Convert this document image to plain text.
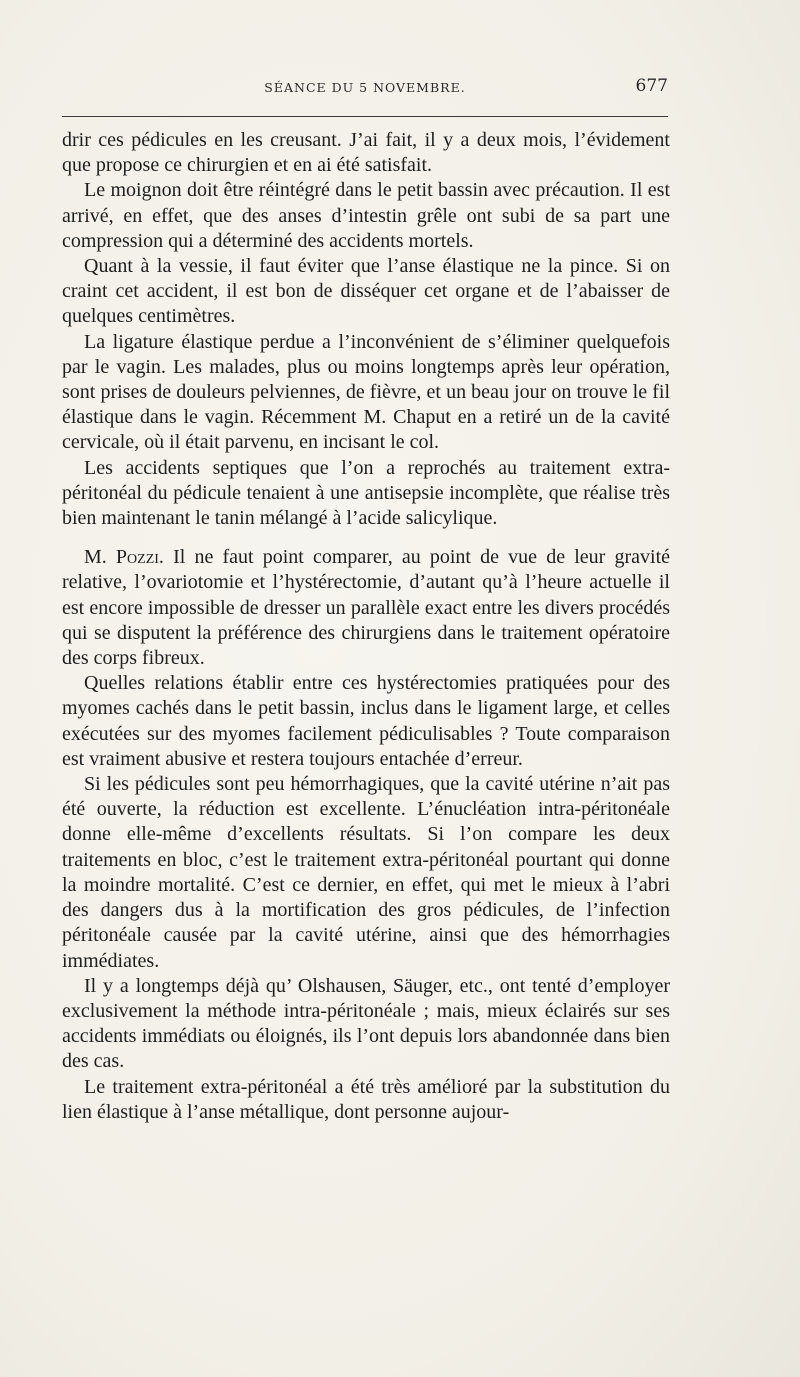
SÉANCE DU 5 NOVEMBRE.	677

drir ces pédicules en les creusant. J’ai fait, il y a deux mois, l’évidement que propose ce chirurgien et en ai été satisfait.

Le moignon doit être réintégré dans le petit bassin avec précaution. Il est arrivé, en effet, que des anses d’intestin grêle ont subi de sa part une compression qui a déterminé des accidents mortels.

Quant à la vessie, il faut éviter que l’anse élastique ne la pince. Si on craint cet accident, il est bon de disséquer cet organe et de l’abaisser de quelques centimètres.

La ligature élastique perdue a l’inconvénient de s’éliminer quelquefois par le vagin. Les malades, plus ou moins longtemps après leur opération, sont prises de douleurs pelviennes, de fièvre, et un beau jour on trouve le fil élastique dans le vagin. Récemment M. Chaput en a retiré un de la cavité cervicale, où il était parvenu, en incisant le col.

Les accidents septiques que l’on a reprochés au traitement extra-péritonéal du pédicule tenaient à une antisepsie incomplète, que réalise très bien maintenant le tanin mélangé à l’acide salicylique.

M. Pozzi. Il ne faut point comparer, au point de vue de leur gravité relative, l’ovariotomie et l’hystérectomie, d’autant qu’à l’heure actuelle il est encore impossible de dresser un parallèle exact entre les divers procédés qui se disputent la préférence des chirurgiens dans le traitement opératoire des corps fibreux.

Quelles relations établir entre ces hystérectomies pratiquées pour des myomes cachés dans le petit bassin, inclus dans le ligament large, et celles exécutées sur des myomes facilement pédiculisables ? Toute comparaison est vraiment abusive et restera toujours entachée d’erreur.

Si les pédicules sont peu hémorrhagiques, que la cavité utérine n’ait pas été ouverte, la réduction est excellente. L’énucléation intra-péritonéale donne elle-même d’excellents résultats. Si l’on compare les deux traitements en bloc, c’est le traitement extra-péritonéal pourtant qui donne la moindre mortalité. C’est ce dernier, en effet, qui met le mieux à l’abri des dangers dus à la mortification des gros pédicules, de l’infection péritonéale causée par la cavité utérine, ainsi que des hémorrhagies immédiates.

Il y a longtemps déjà qu’ Olshausen, Säuger, etc., ont tenté d’employer exclusivement la méthode intra-péritonéale ; mais, mieux éclairés sur ses accidents immédiats ou éloignés, ils l’ont depuis lors abandonnée dans bien des cas.

Le traitement extra-péritonéal a été très amélioré par la substitution du lien élastique à l’anse métallique, dont personne aujour-
